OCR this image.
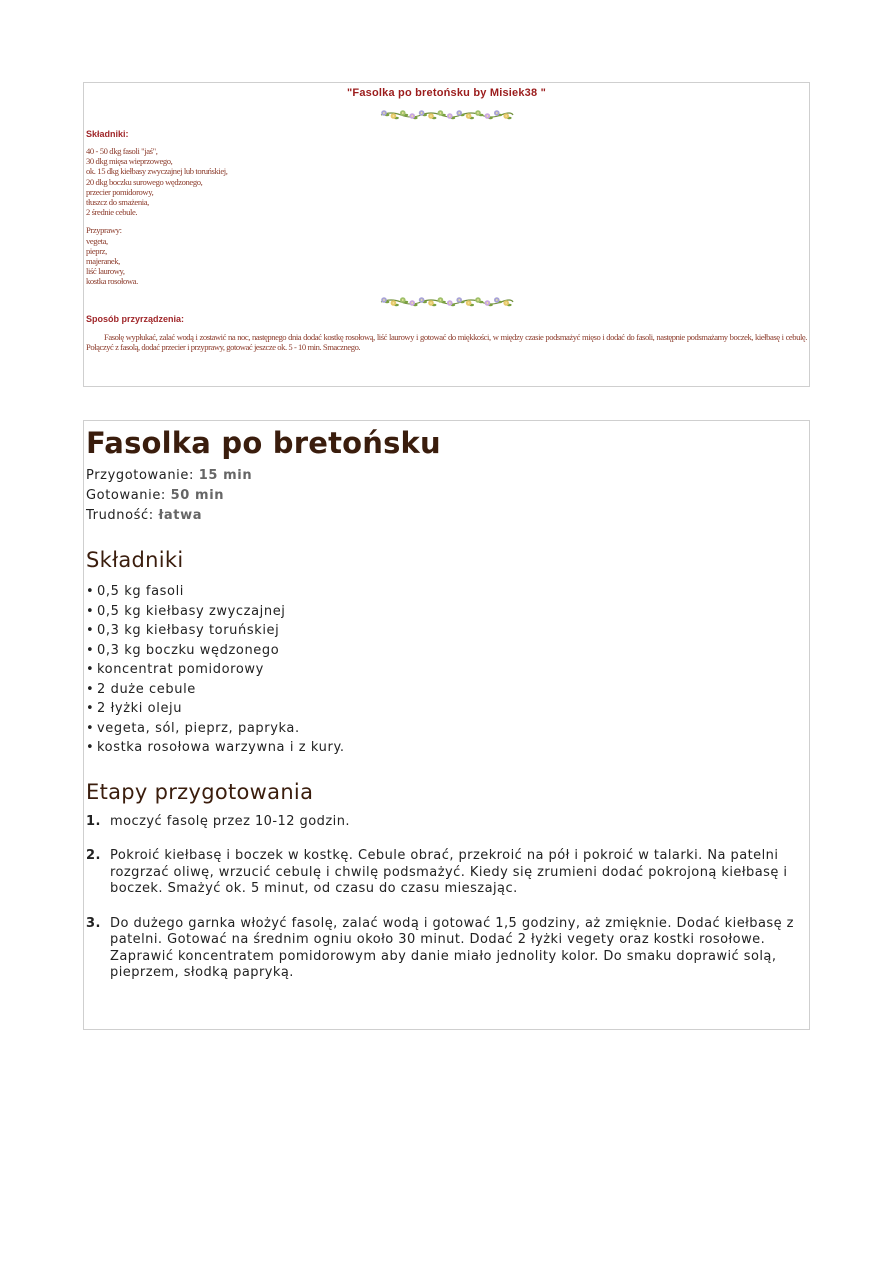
"Fasolka po bretońsku by Misiek38 "
Składniki:
40 - 50 dkg fasoli "jaś",
30 dkg mięsa wieprzowego,
ok. 15 dkg kiełbasy zwyczajnej lub toruńskiej,
20 dkg boczku surowego wędzonego,
przecier pomidorowy,
tłuszcz do smażenia,
2 średnie cebule.
Przyprawy:
vegeta,
pieprz,
majeranek,
liść laurowy,
kostka rosołowa.
Sposób przyrządzenia:
Fasolę wypłukać, zalać wodą i zostawić na noc, następnego dnia dodać kostkę rosołową, liść laurowy i gotować do miękkości, w między czasie podsmażyć mięso i dodać do fasoli, następnie podsmażamy boczek, kiełbasę i cebulę. Połączyć z fasolą, dodać przecier i przyprawy, gotować jeszcze ok. 5 - 10 min. Smacznego.
Fasolka po bretońsku
Przygotowanie: 15 min
Gotowanie: 50 min
Trudność: łatwa
Składniki
• 0,5 kg fasoli
• 0,5 kg kiełbasy zwyczajnej
• 0,3 kg kiełbasy toruńskiej
• 0,3 kg boczku wędzonego
• koncentrat pomidorowy
• 2 duże cebule
• 2 łyżki oleju
• vegeta, sól, pieprz, papryka.
• kostka rosołowa warzywna i z kury.
Etapy przygotowania
1. moczyć fasolę przez 10-12 godzin.
2. Pokroić kiełbasę i boczek w kostkę. Cebule obrać, przekroić na pół i pokroić w talarki. Na patelni rozgrzać oliwę, wrzucić cebulę i chwilę podsmażyć. Kiedy się zrumieni dodać pokrojoną kiełbasę i boczek. Smażyć ok. 5 minut, od czasu do czasu mieszając.
3. Do dużego garnka włożyć fasolę, zalać wodą i gotować 1,5 godziny, aż zmięknie. Dodać kiełbasę z patelni. Gotować na średnim ogniu około 30 minut. Dodać 2 łyżki vegety oraz kostki rosołowe. Zaprawić koncentratem pomidorowym aby danie miało jednolity kolor. Do smaku doprawić solą, pieprzem, słodką papryką.
